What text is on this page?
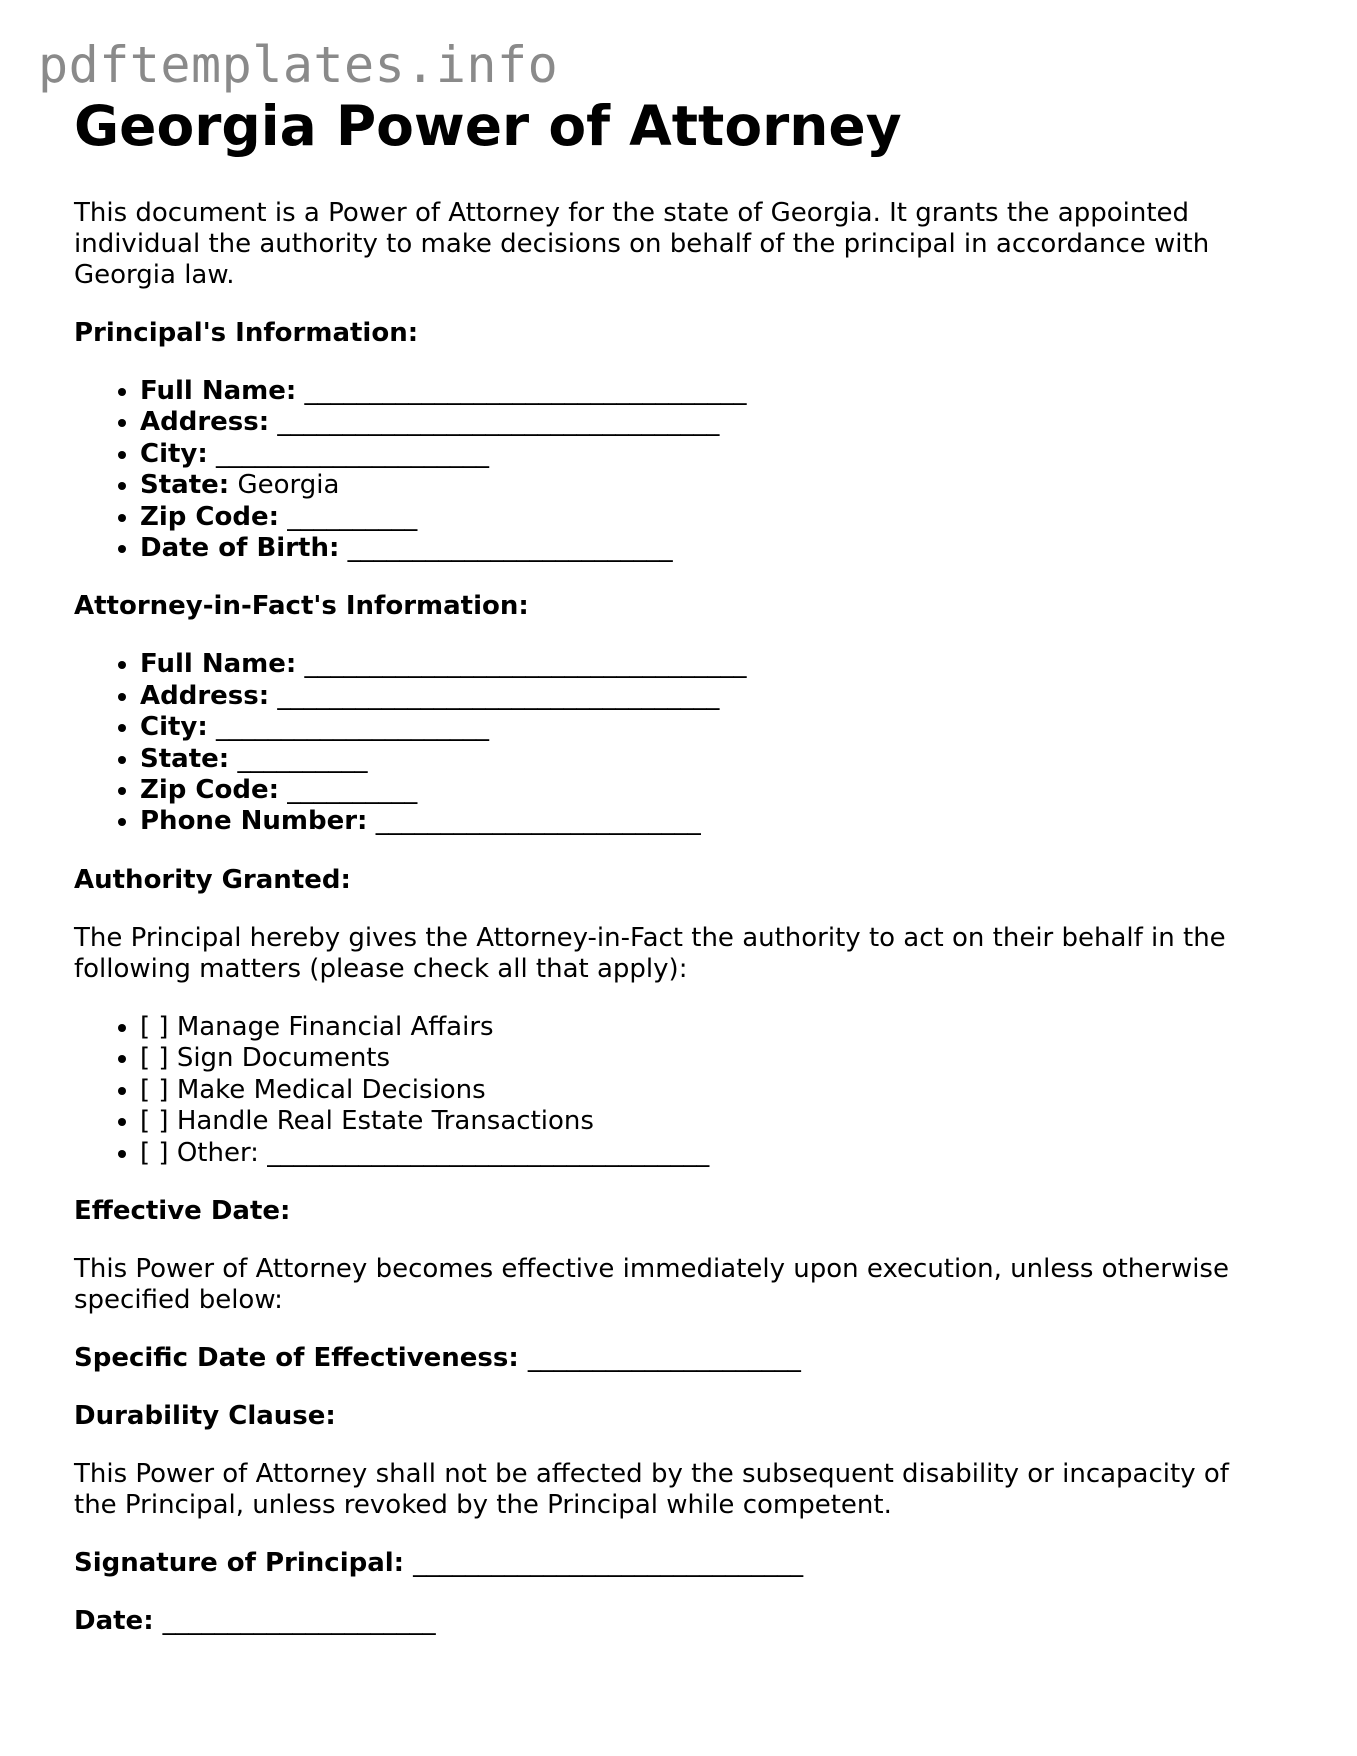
pdftemplates.info
Georgia Power of Attorney

This document is a Power of Attorney for the state of Georgia. It grants the appointed individual the authority to make decisions on behalf of the principal in accordance with Georgia law.

Principal's Information:
• Full Name: __________________________________
• Address: __________________________________
• City: _____________________
• State: Georgia
• Zip Code: __________
• Date of Birth: _________________________
Attorney-in-Fact's Information:
• Full Name: __________________________________
• Address: __________________________________
• City: _____________________
• State: __________
• Zip Code: __________
• Phone Number: _________________________
Authority Granted:

The Principal hereby gives the Attorney-in-Fact the authority to act on their behalf in the following matters (please check all that apply):

• [ ] Manage Financial Affairs
• [ ] Sign Documents
• [ ] Make Medical Decisions
• [ ] Handle Real Estate Transactions
• [ ] Other: __________________________________
Effective Date:

This Power of Attorney becomes effective immediately upon execution, unless otherwise specified below:

Specific Date of Effectiveness: _____________________
Durability Clause:

This Power of Attorney shall not be affected by the subsequent disability or incapacity of the Principal, unless revoked by the Principal while competent.

Signature of Principal: ______________________________
Date: _____________________
